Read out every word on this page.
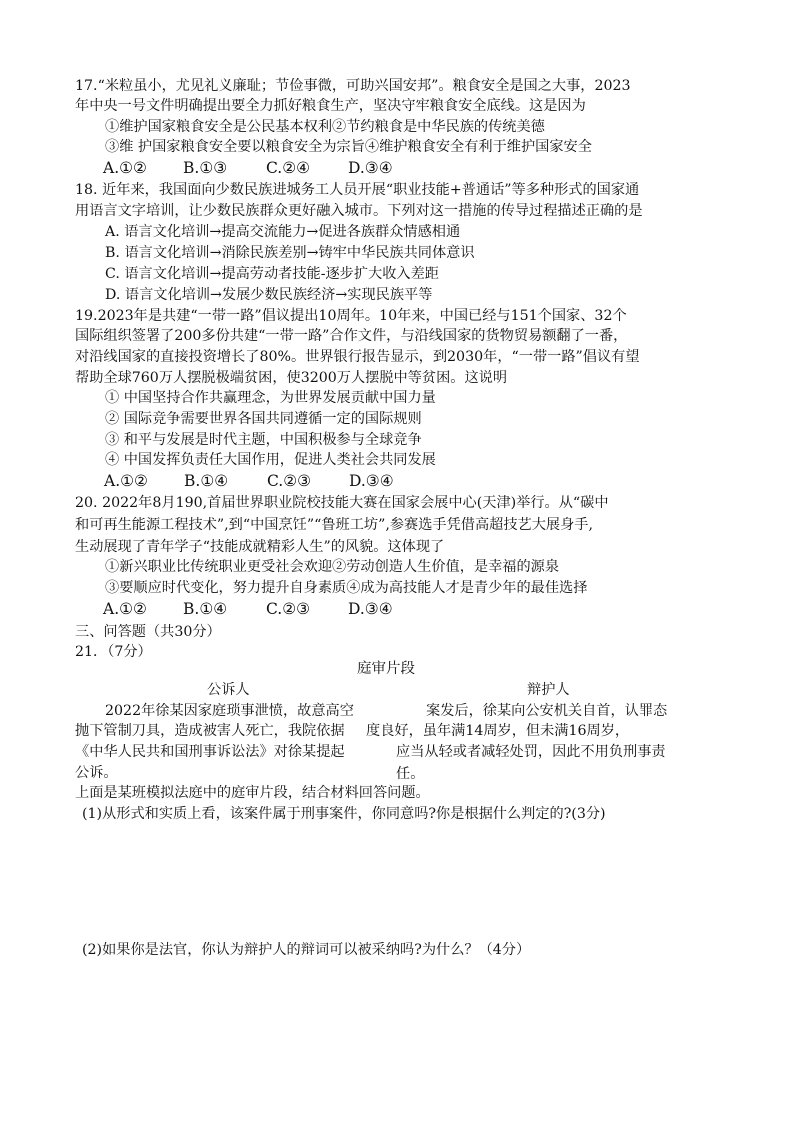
17.“米粒虽小，尤见礼义廉耻；节俭事微，可助兴国安邦”。粮食安全是国之大事，2023
年中央一号文件明确提出要全力抓好粮食生产，坚决守牢粮食安全底线。这是因为
①维护国家粮食安全是公民基本权利②节约粮食是中华民族的传统美德
③维 护国家粮食安全要以粮食安全为宗旨④维护粮食安全有利于维护国家安全
A.①②	B.①③	C.②④	D.③④
18. 近年来，我国面向少数民族进城务工人员开展“职业技能+普通话”等多种形式的国家通
用语言文字培训，让少数民族群众更好融入城市。下列对这一措施的传导过程描述正确的是
A. 语言文化培训→提高交流能力→促进各族群众情感相通
B. 语言文化培训→消除民族差别→铸牢中华民族共同体意识
C. 语言文化培训→提高劳动者技能-逐步扩大收入差距
D. 语言文化培训→发展少数民族经济→实现民族平等
19.2023年是共建“一带一路”倡议提出10周年。10年来，中国已经与151个国家、32个
国际组织签署了200多份共建“一带一路”合作文件，与沿线国家的货物贸易额翻了一番，
对沿线国家的直接投资增长了80%。世界银行报告显示，到2030年，“一带一路”倡议有望
帮助全球760万人摆脱极端贫困，使3200万人摆脱中等贫困。这说明
① 中国坚持合作共赢理念，为世界发展贡献中国力量
② 国际竞争需要世界各国共同遵循一定的国际规则
③ 和平与发展是时代主题，中国积极参与全球竞争
④ 中国发挥负责任大国作用，促进人类社会共同发展
A.①②	B.①④	C.②③	D.③④
20. 2022年8月190,首届世界职业院校技能大赛在国家会展中心(天津)举行。从“碳中
和可再生能源工程技术”,到“中国烹饪”“鲁班工坊”,参赛选手凭借高超技艺大展身手,
生动展现了青年学子“技能成就精彩人生”的风貌。这体现了
①新兴职业比传统职业更受社会欢迎②劳动创造人生价值，是幸福的源泉
③要顺应时代变化，努力提升自身素质④成为高技能人才是青少年的最佳选择
A.①②	B.①④	C.②③	D.③④
三、问答题（共30分）
21．（7分）
庭审片段
公诉人	辩护人
2022年徐某因家庭琐事泄愤，故意高空
抛下管制刀具，造成被害人死亡，我院依据
《中华人民共和国刑事诉讼法》对徐某提起
公诉。
案发后，徐某向公安机关自首，认罪态
度良好，虽年满14周岁，但未满16周岁，
应当从轻或者减轻处罚，因此不用负刑事责
任。
上面是某班模拟法庭中的庭审片段，结合材料回答问题。
(1)从形式和实质上看，该案件属于刑事案件，你同意吗?你是根据什么判定的?(3分)
(2)如果你是法官，你认为辩护人的辩词可以被采纳吗?为什么？（4分）
